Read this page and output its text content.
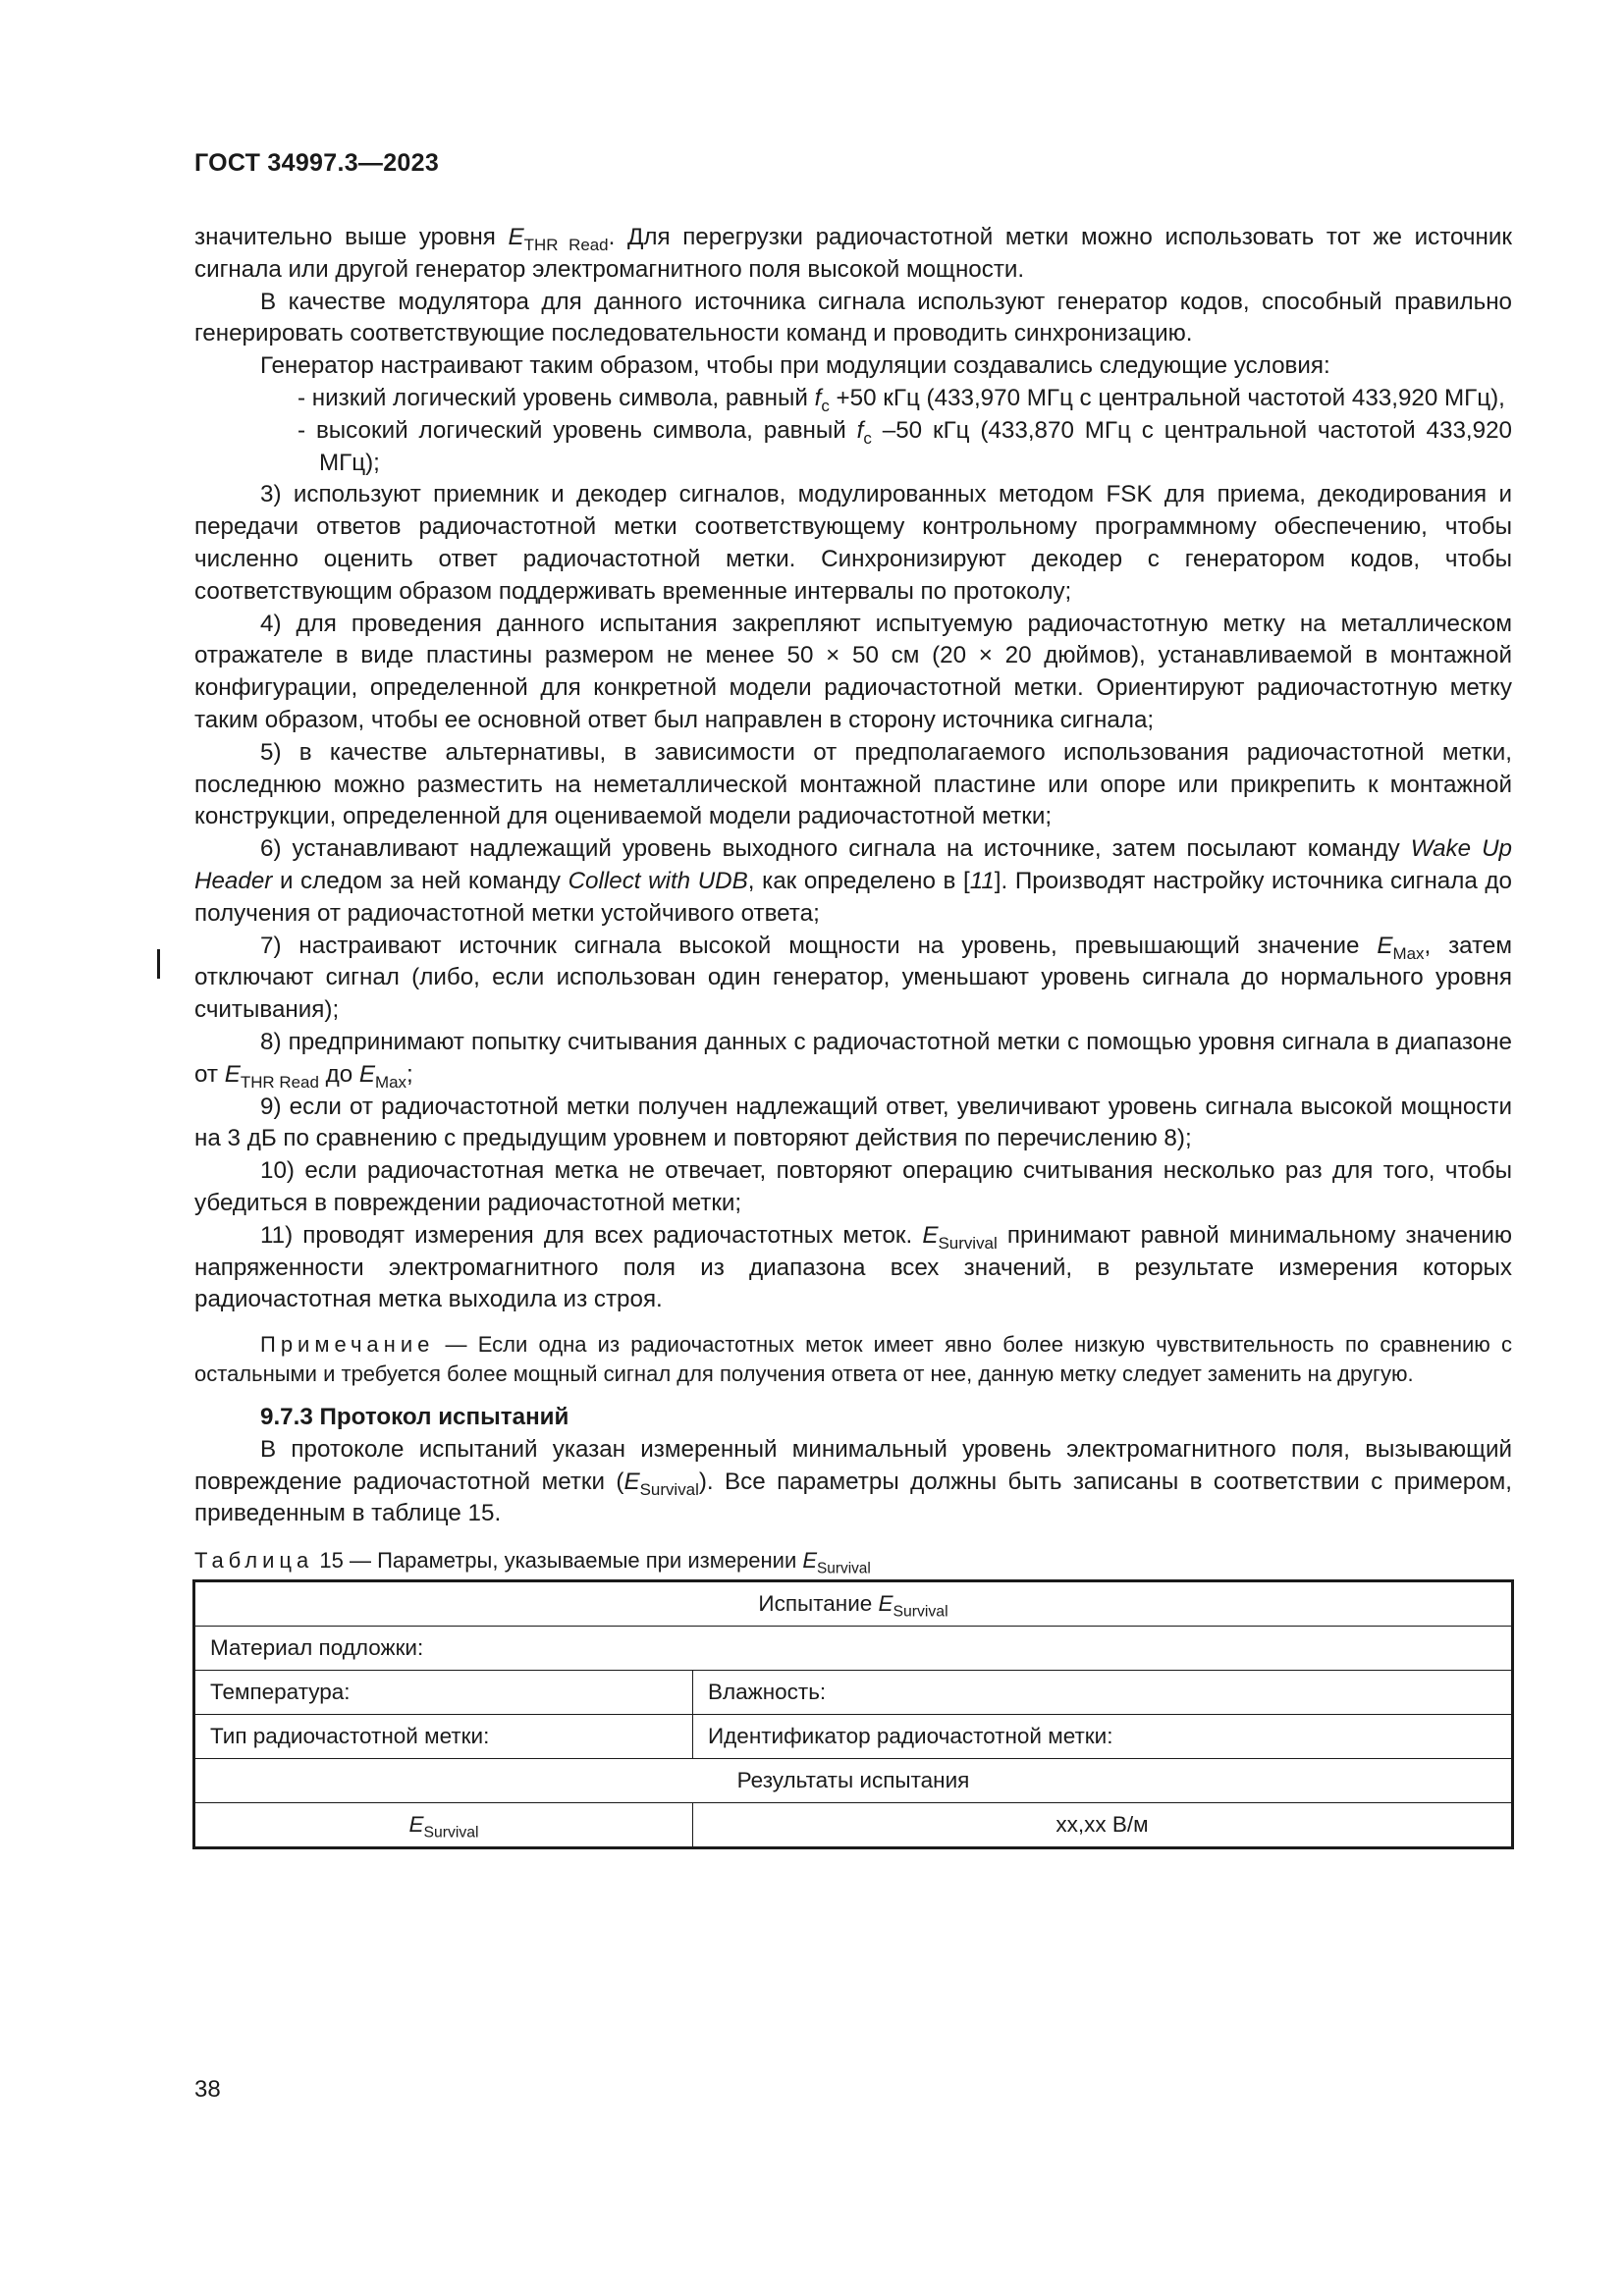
ГОСТ 34997.3—2023

значительно выше уровня $E_{THR Read}$. Для перегрузки радиочастотной метки можно использовать тот же источник сигнала или другой генератор электромагнитного поля высокой мощности.

В качестве модулятора для данного источника сигнала используют генератор кодов, способный правильно генерировать соответствующие последовательности команд и проводить синхронизацию.

Генератор настраивают таким образом, чтобы при модуляции создавались следующие условия:

- низкий логический уровень символа, равный $f_c +50$ кГц (433,970 МГц с центральной частотой 433,920 МГц),

- высокий логический уровень символа, равный $f_c$ –50 кГц (433,870 МГц с центральной частотой 433,920 МГц);

3) используют приемник и декодер сигналов, модулированных методом FSK для приема, декодирования и передачи ответов радиочастотной метки соответствующему контрольному программному обеспечению, чтобы численно оценить ответ радиочастотной метки. Синхронизируют декодер с генератором кодов, чтобы соответствующим образом поддерживать временные интервалы по протоколу;

4) для проведения данного испытания закрепляют испытуемую радиочастотную метку на металлическом отражателе в виде пластины размером не менее 50 × 50 см (20 × 20 дюймов), устанавливаемой в монтажной конфигурации, определенной для конкретной модели радиочастотной метки. Ориентируют радиочастотную метку таким образом, чтобы ее основной ответ был направлен в сторону источника сигнала;

5) в качестве альтернативы, в зависимости от предполагаемого использования радиочастотной метки, последнюю можно разместить на неметаллической монтажной пластине или опоре или прикрепить к монтажной конструкции, определенной для оцениваемой модели радиочастотной метки;

6) устанавливают надлежащий уровень выходного сигнала на источнике, затем посылают команду Wake Up Header и следом за ней команду Collect with UDB, как определено в [11]. Производят настройку источника сигнала до получения от радиочастотной метки устойчивого ответа;

7) настраивают источник сигнала высокой мощности на уровень, превышающий значение $E_{Max}$, затем отключают сигнал (либо, если использован один генератор, уменьшают уровень сигнала до нормального уровня считывания);

8) предпринимают попытку считывания данных с радиочастотной метки с помощью уровня сигнала в диапазоне от $E_{THR Read}$ до $E_{Max}$;

9) если от радиочастотной метки получен надлежащий ответ, увеличивают уровень сигнала высокой мощности на 3 дБ по сравнению с предыдущим уровнем и повторяют действия по перечислению 8);

10) если радиочастотная метка не отвечает, повторяют операцию считывания несколько раз для того, чтобы убедиться в повреждении радиочастотной метки;

11) проводят измерения для всех радиочастотных меток. $E_{Survival}$ принимают равной минимальному значению напряженности электромагнитного поля из диапазона всех значений, в результате измерения которых радиочастотная метка выходила из строя.

Примечание — Если одна из радиочастотных меток имеет явно более низкую чувствительность по сравнению с остальными и требуется более мощный сигнал для получения ответа от нее, данную метку следует заменить на другую.

9.7.3 Протокол испытаний

В протоколе испытаний указан измеренный минимальный уровень электромагнитного поля, вызывающий повреждение радиочастотной метки $(E_{Survival})$. Все параметры должны быть записаны в соответствии с примером, приведенным в таблице 15.

Таблица 15 — Параметры, указываемые при измерении $E_{Survival}$

Испытание $E_{Survival}$
Материал подложки:	
Температура:	Влажность:
Тип радиочастотной метки:	Идентификатор радиочастотной метки:
Результаты испытания	
$E_{Survival}$	хх,хх В/м
38
